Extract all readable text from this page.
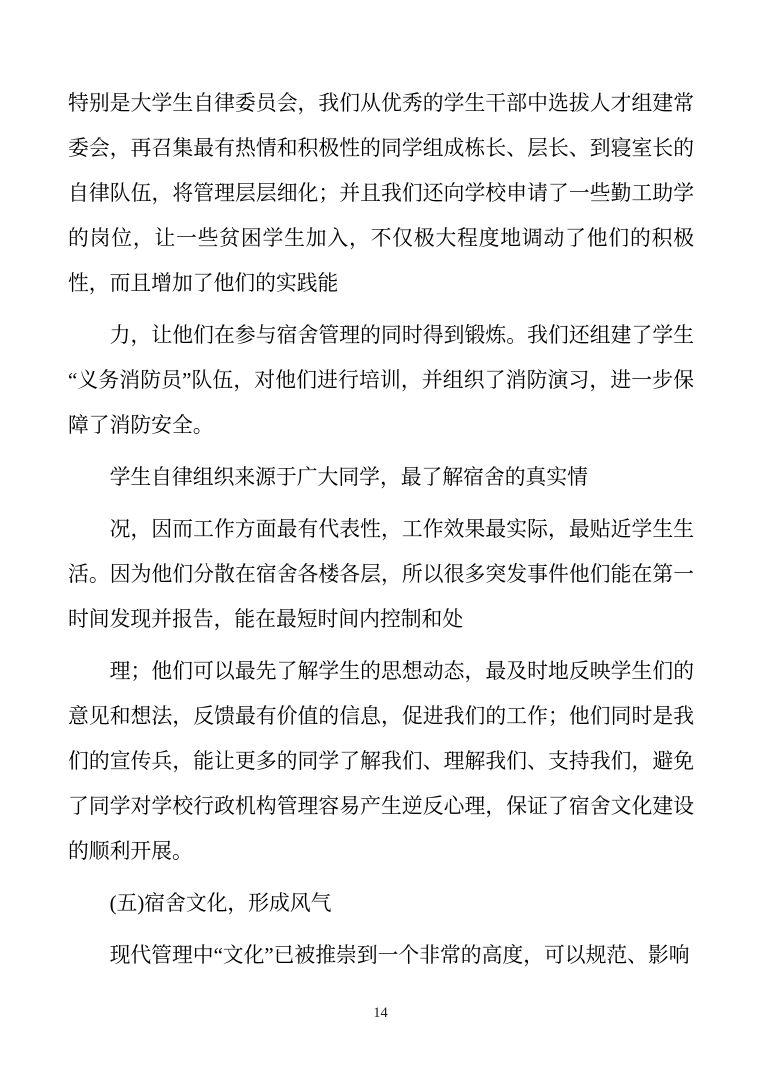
特别是大学生自律委员会，我们从优秀的学生干部中选拔人才组建常委会，再召集最有热情和积极性的同学组成栋长、层长、到寝室长的自律队伍，将管理层层细化；并且我们还向学校申请了一些勤工助学的岗位，让一些贫困学生加入，不仅极大程度地调动了他们的积极性，而且增加了他们的实践能

力，让他们在参与宿舍管理的同时得到锻炼。我们还组建了学生“义务消防员”队伍，对他们进行培训，并组织了消防演习，进一步保障了消防安全。

学生自律组织来源于广大同学，最了解宿舍的真实情

况，因而工作方面最有代表性，工作效果最实际，最贴近学生生活。因为他们分散在宿舍各楼各层，所以很多突发事件他们能在第一时间发现并报告，能在最短时间内控制和处

理；他们可以最先了解学生的思想动态，最及时地反映学生们的意见和想法，反馈最有价值的信息，促进我们的工作；他们同时是我们的宣传兵，能让更多的同学了解我们、理解我们、支持我们，避免了同学对学校行政机构管理容易产生逆反心理，保证了宿舍文化建设的顺利开展。

(五)宿舍文化，形成风气

现代管理中“文化”已被推崇到一个非常的高度，可以规范、影响

14
